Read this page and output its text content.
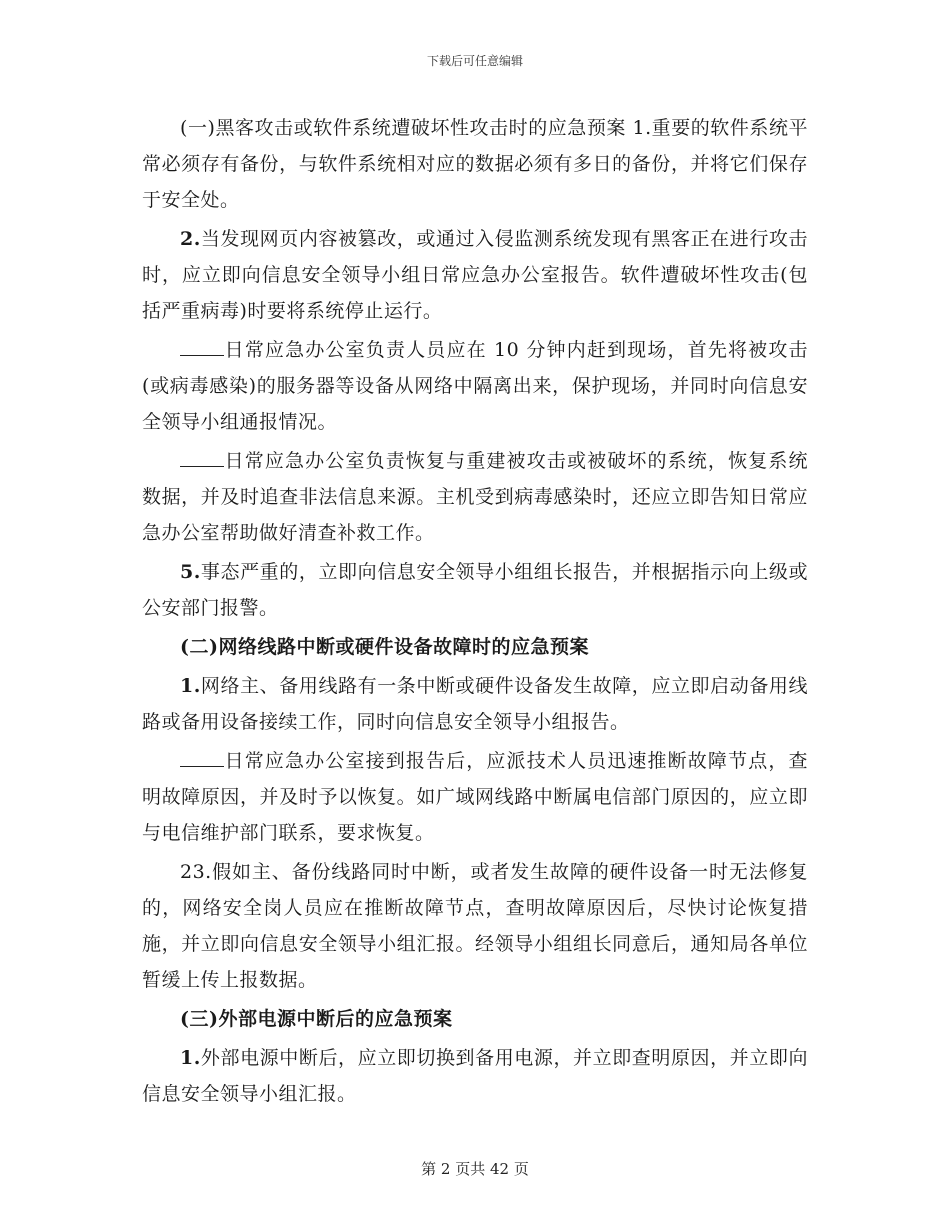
下载后可任意编辑

(一)黑客攻击或软件系统遭破坏性攻击时的应急预案 1.重要的软件系统平常必须存有备份，与软件系统相对应的数据必须有多日的备份，并将它们保存于安全处。

2.当发现网页内容被篡改，或通过入侵监测系统发现有黑客正在进行攻击时，应立即向信息安全领导小组日常应急办公室报告。软件遭破坏性攻击(包括严重病毒)时要将系统停止运行。

日常应急办公室负责人员应在 10 分钟内赶到现场，首先将被攻击(或病毒感染)的服务器等设备从网络中隔离出来，保护现场，并同时向信息安全领导小组通报情况。

日常应急办公室负责恢复与重建被攻击或被破坏的系统，恢复系统数据，并及时追查非法信息来源。主机受到病毒感染时，还应立即告知日常应急办公室帮助做好清查补救工作。

5.事态严重的，立即向信息安全领导小组组长报告，并根据指示向上级或公安部门报警。

(二)网络线路中断或硬件设备故障时的应急预案

1.网络主、备用线路有一条中断或硬件设备发生故障，应立即启动备用线路或备用设备接续工作，同时向信息安全领导小组报告。

日常应急办公室接到报告后，应派技术人员迅速推断故障节点，查明故障原因，并及时予以恢复。如广域网线路中断属电信部门原因的，应立即与电信维护部门联系，要求恢复。

23.假如主、备份线路同时中断，或者发生故障的硬件设备一时无法修复的，网络安全岗人员应在推断故障节点，查明故障原因后，尽快讨论恢复措施，并立即向信息安全领导小组汇报。经领导小组组长同意后，通知局各单位暂缓上传上报数据。

(三)外部电源中断后的应急预案

1.外部电源中断后，应立即切换到备用电源，并立即查明原因，并立即向信息安全领导小组汇报。

第 2 页共 42 页
